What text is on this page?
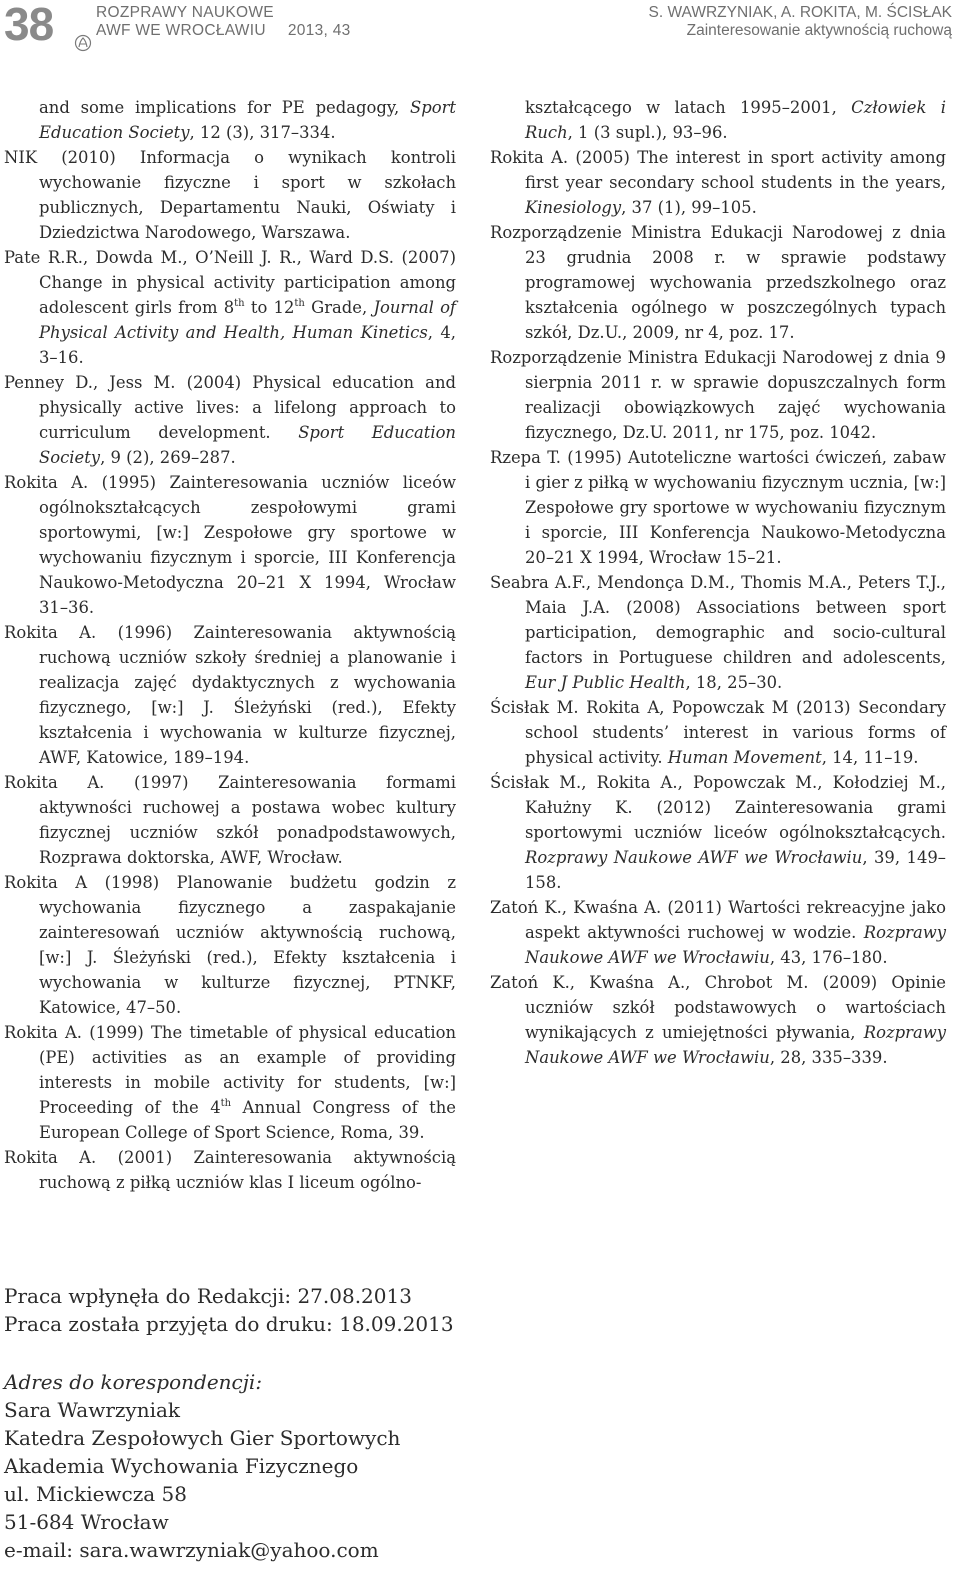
38	ROZPRAWY NAUKOWE
AWF WE WROCŁAWIU 2013, 43
S. WAWRZYNIAK, A. ROKITA, M. ŚCISŁAK
Zainteresowanie aktywnością ruchową

and some implications for PE pedagogy, Sport Education Society, 12 (3), 317–334.

NIK (2010) Informacja o wynikach kontroli wychowanie fizyczne i sport w szkołach publicznych, Departamentu Nauki, Oświaty i Dziedzictwa Narodowego, Warszawa.

Pate R.R., Dowda M., O’Neill J. R., Ward D.S. (2007) Change in physical activity participation among adolescent girls from 8th to 12th Grade, Journal of Physical Activity and Health, Human Kinetics, 4, 3–16.

Penney D., Jess M. (2004) Physical education and physically active lives: a lifelong approach to curriculum development. Sport Education Society, 9 (2), 269–287.

Rokita A. (1995) Zainteresowania uczniów liceów ogólnokształcących zespołowymi grami sportowymi, [w:] Zespołowe gry sportowe w wychowaniu fizycznym i sporcie, III Konferencja Naukowo-Metodyczna 20–21 X 1994, Wrocław 31–36.

Rokita A. (1996) Zainteresowania aktywnością ruchową uczniów szkoły średniej a planowanie i realizacja zajęć dydaktycznych z wychowania fizycznego, [w:] J. Śleżyński (red.), Efekty kształcenia i wychowania w kulturze fizycznej, AWF, Katowice, 189–194.

Rokita A. (1997) Zainteresowania formami aktywności ruchowej a postawa wobec kultury fizycznej uczniów szkół ponadpodstawowych, Rozprawa doktorska, AWF, Wrocław.

Rokita A (1998) Planowanie budżetu godzin z wychowania fizycznego a zaspakajanie zainteresowań uczniów aktywnością ruchową, [w:] J. Śleżyński (red.), Efekty kształcenia i wychowania w kulturze fizycznej, PTNKF, Katowice, 47–50.

Rokita A. (1999) The timetable of physical education (PE) activities as an example of providing interests in mobile activity for students, [w:] Proceeding of the 4th Annual Congress of the European College of Sport Science, Roma, 39.

Rokita A. (2001) Zainteresowania aktywnością ruchową z piłką uczniów klas I liceum ogólno-

kształcącego w latach 1995–2001, Człowiek i Ruch, 1 (3 supl.), 93–96.

Rokita A. (2005) The interest in sport activity among first year secondary school students in the years, Kinesiology, 37 (1), 99–105.

Rozporządzenie Ministra Edukacji Narodowej z dnia 23 grudnia 2008 r. w sprawie podstawy programowej wychowania przedszkolnego oraz kształcenia ogólnego w poszczególnych typach szkół, Dz.U., 2009, nr 4, poz. 17.

Rozporządzenie Ministra Edukacji Narodowej z dnia 9 sierpnia 2011 r. w sprawie dopuszczalnych form realizacji obowiązkowych zajęć wychowania fizycznego, Dz.U. 2011, nr 175, poz. 1042.

Rzepa T. (1995) Autoteliczne wartości ćwiczeń, zabaw i gier z piłką w wychowaniu fizycznym ucznia, [w:] Zespołowe gry sportowe w wychowaniu fizycznym i sporcie, III Konferencja Naukowo-Metodyczna 20–21 X 1994, Wrocław 15–21.

Seabra A.F., Mendonça D.M., Thomis M.A., Peters T.J., Maia J.A. (2008) Associations between sport participation, demographic and socio-cultural factors in Portuguese children and adolescents, Eur J Public Health, 18, 25–30.

Ścisłak M. Rokita A, Popowczak M (2013) Secondary school students’ interest in various forms of physical activity. Human Movement, 14, 11–19.

Ścisłak M., Rokita A., Popowczak M., Kołodziej M., Kałużny K. (2012) Zainteresowania grami sportowymi uczniów liceów ogólnokształcących. Rozprawy Naukowe AWF we Wrocławiu, 39, 149–158.

Zatoń K., Kwaśna A. (2011) Wartości rekreacyjne jako aspekt aktywności ruchowej w wodzie. Rozprawy Naukowe AWF we Wrocławiu, 43, 176–180.

Zatoń K., Kwaśna A., Chrobot M. (2009) Opinie uczniów szkół podstawowych o wartościach wynikających z umiejętności pływania, Rozprawy Naukowe AWF we Wrocławiu, 28, 335–339.

Praca wpłynęła do Redakcji: 27.08.2013

Praca została przyjęta do druku: 18.09.2013

Adres do korespondencji:

Sara Wawrzyniak

Katedra Zespołowych Gier Sportowych

Akademia Wychowania Fizycznego

ul. Mickiewcza 58

51-684 Wrocław

e-mail: sara.wawrzyniak@yahoo.com
